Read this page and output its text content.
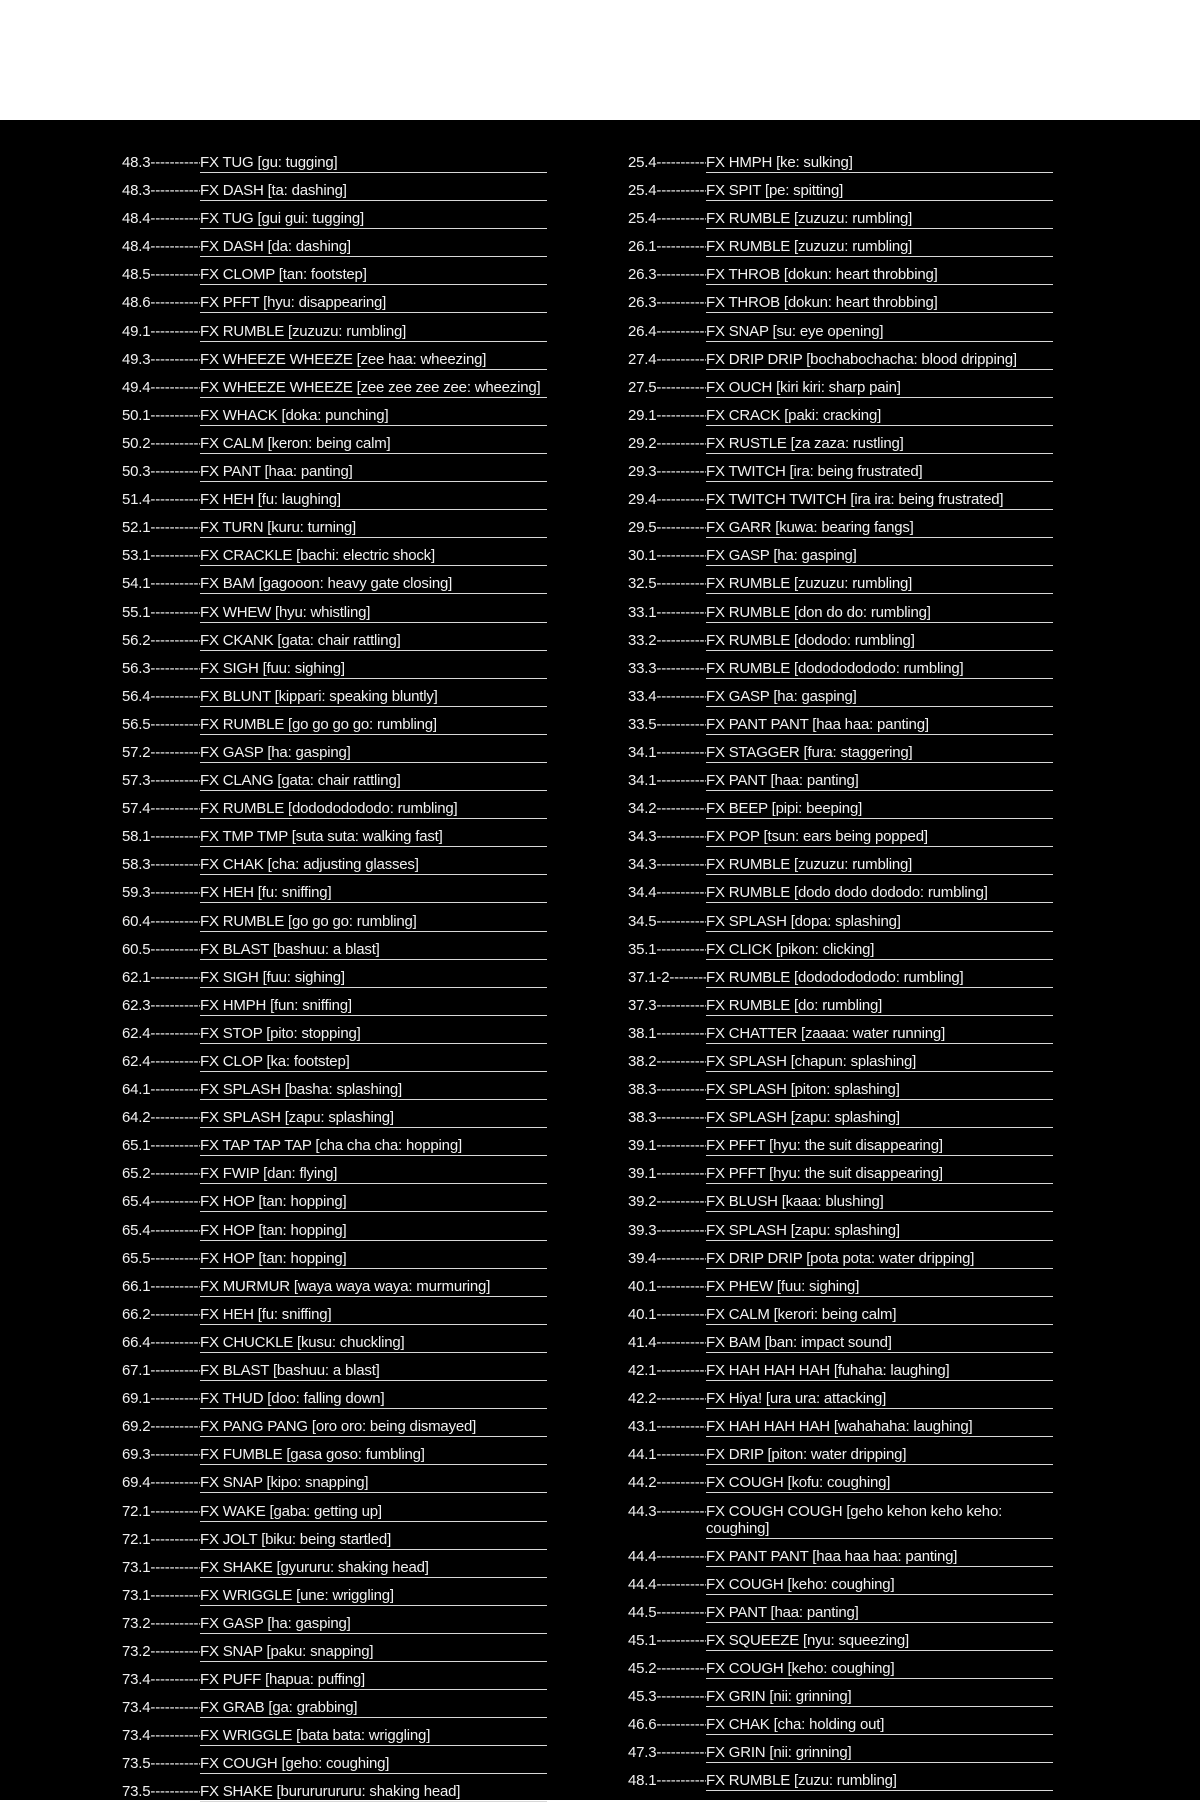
48.3 -----	FX TUG [gu: tugging]
48.3 -----	FX DASH [ta: dashing]
48.4 -----	FX TUG [gui gui: tugging]
48.4 -----	FX DASH [da: dashing]
48.5 -----	FX CLOMP [tan: footstep]
48.6 -----	FX PFFT [hyu: disappearing]
49.1 -----	FX RUMBLE [zuzuzu: rumbling]
49.3 -----	FX WHEEZE WHEEZE [zee haa: wheezing]
49.4 -----	FX WHEEZE WHEEZE [zee zee zee zee: wheezing]
50.1 -----	FX WHACK [doka: punching]
50.2 -----	FX CALM [keron: being calm]
50.3 -----	FX PANT [haa: panting]
51.4 -----	FX HEH [fu: laughing]
52.1 -----	FX TURN [kuru: turning]
53.1 -----	FX CRACKLE [bachi: electric shock]
54.1 -----	FX BAM [gagooon: heavy gate closing]
55.1 -----	FX WHEW [hyu: whistling]
56.2 -----	FX CKANK [gata: chair rattling]
56.3 -----	FX SIGH [fuu: sighing]
56.4 -----	FX BLUNT [kippari: speaking bluntly]
56.5 -----	FX RUMBLE [go go go go: rumbling]
57.2 -----	FX GASP [ha: gasping]
57.3 -----	FX CLANG [gata: chair rattling]
57.4 -----	FX RUMBLE [dodododododo: rumbling]
58.1 -----	FX TMP TMP [suta suta: walking fast]
58.3 -----	FX CHAK [cha: adjusting glasses]
59.3 -----	FX HEH [fu: sniffing]
60.4 -----	FX RUMBLE [go go go: rumbling]
60.5 -----	FX BLAST [bashuu: a blast]
62.1 -----	FX SIGH [fuu: sighing]
62.3 -----	FX HMPH [fun: sniffing]
62.4 -----	FX STOP [pito: stopping]
62.4 -----	FX CLOP [ka: footstep]
64.1 -----	FX SPLASH [basha: splashing]
64.2 -----	FX SPLASH [zapu: splashing]
65.1 -----	FX TAP TAP TAP [cha cha cha: hopping]
65.2 -----	FX FWIP [dan: flying]
65.4 -----	FX HOP [tan: hopping]
65.4 -----	FX HOP [tan: hopping]
65.5 -----	FX HOP [tan: hopping]
66.1 -----	FX MURMUR [waya waya waya: murmuring]
66.2 -----	FX HEH [fu: sniffing]
66.4 -----	FX CHUCKLE [kusu: chuckling]
67.1 -----	FX BLAST [bashuu: a blast]
69.1 -----	FX THUD [doo: falling down]
69.2 -----	FX PANG PANG [oro oro: being dismayed]
69.3 -----	FX FUMBLE [gasa goso: fumbling]
69.4 -----	FX SNAP [kipo: snapping]
72.1 -----	FX WAKE [gaba: getting up]
72.1 -----	FX JOLT [biku: being startled]
73.1 -----	FX SHAKE [gyururu: shaking head]
73.1 -----	FX WRIGGLE [une: wriggling]
73.2 -----	FX GASP [ha: gasping]
73.2 -----	FX SNAP [paku: snapping]
73.4 -----	FX PUFF [hapua: puffing]
73.4 -----	FX GRAB [ga: grabbing]
73.4 -----	FX WRIGGLE [bata bata: wriggling]
73.5 -----	FX COUGH [geho: coughing]
73.5 -----	FX SHAKE [burururururu: shaking head]
25.4 -----	FX HMPH [ke: sulking]
25.4 -----	FX SPIT [pe: spitting]
25.4 -----	FX RUMBLE [zuzuzu: rumbling]
26.1 -----	FX RUMBLE [zuzuzu: rumbling]
26.3 -----	FX THROB [dokun: heart throbbing]
26.3 -----	FX THROB [dokun: heart throbbing]
26.4 -----	FX SNAP [su: eye opening]
27.4 -----	FX DRIP DRIP [bochabochacha: blood dripping]
27.5 -----	FX OUCH [kiri kiri: sharp pain]
29.1 -----	FX CRACK [paki: cracking]
29.2 -----	FX RUSTLE [za zaza: rustling]
29.3 -----	FX TWITCH [ira: being frustrated]
29.4 -----	FX TWITCH TWITCH [ira ira: being frustrated]
29.5 -----	FX GARR [kuwa: bearing fangs]
30.1 -----	FX GASP [ha: gasping]
32.5 -----	FX RUMBLE [zuzuzu: rumbling]
33.1 -----	FX RUMBLE [don do do: rumbling]
33.2 -----	FX RUMBLE [dododo: rumbling]
33.3 -----	FX RUMBLE [dodododododo: rumbling]
33.4 -----	FX GASP [ha: gasping]
33.5 -----	FX PANT PANT [haa haa: panting]
34.1 -----	FX STAGGER [fura: staggering]
34.1 -----	FX PANT [haa: panting]
34.2 -----	FX BEEP [pipi: beeping]
34.3 -----	FX POP [tsun: ears being popped]
34.3 -----	FX RUMBLE [zuzuzu: rumbling]
34.4 -----	FX RUMBLE [dodo dodo dododo: rumbling]
34.5 -----	FX SPLASH [dopa: splashing]
35.1 -----	FX CLICK [pikon: clicking]
37.1-2 -----	FX RUMBLE [dodododododo: rumbling]
37.3 -----	FX RUMBLE [do: rumbling]
38.1 -----	FX CHATTER [zaaaa: water running]
38.2 -----	FX SPLASH [chapun: splashing]
38.3 -----	FX SPLASH [piton: splashing]
38.3 -----	FX SPLASH [zapu: splashing]
39.1 -----	FX PFFT [hyu: the suit disappearing]
39.1 -----	FX PFFT [hyu: the suit disappearing]
39.2 -----	FX BLUSH [kaaa: blushing]
39.3 -----	FX SPLASH [zapu: splashing]
39.4 -----	FX DRIP DRIP [pota pota: water dripping]
40.1 -----	FX PHEW [fuu: sighing]
40.1 -----	FX CALM [kerori: being calm]
41.4 -----	FX BAM [ban: impact sound]
42.1 -----	FX HAH HAH HAH [fuhaha: laughing]
42.2 -----	FX Hiya! [ura ura: attacking]
43.1 -----	FX HAH HAH HAH [wahahaha: laughing]
44.1 -----	FX DRIP [piton: water dripping]
44.2 -----	FX COUGH [kofu: coughing]
44.3 -----	FX COUGH COUGH [geho kehon keho keho: coughing]
44.4 -----	FX PANT PANT [haa haa haa: panting]
44.4 -----	FX COUGH [keho: coughing]
44.5 -----	FX PANT [haa: panting]
45.1 -----	FX SQUEEZE [nyu: squeezing]
45.2 -----	FX COUGH [keho: coughing]
45.3 -----	FX GRIN [nii: grinning]
46.6 -----	FX CHAK [cha: holding out]
47.3 -----	FX GRIN [nii: grinning]
48.1 -----	FX RUMBLE [zuzu: rumbling]
